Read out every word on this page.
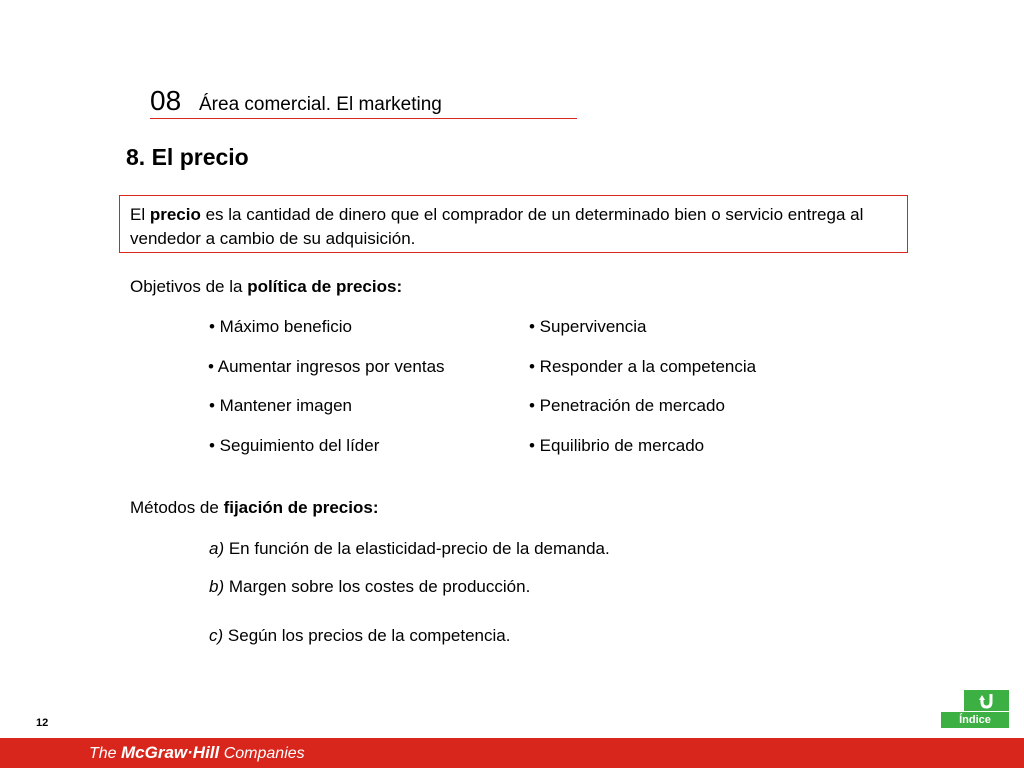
08 Área comercial. El marketing
8. El precio
El precio es la cantidad de dinero que el comprador de un determinado bien o servicio entrega al vendedor a cambio de su adquisición.
Objetivos de la política de precios:
• Máximo beneficio
• Aumentar ingresos por ventas
• Mantener imagen
• Seguimiento del líder
• Supervivencia
• Responder a la competencia
• Penetración de mercado
• Equilibrio de mercado
Métodos de fijación de precios:
a) En función de la elasticidad-precio de la demanda.
b) Margen sobre los costes de producción.
c) Según los precios de la competencia.
12	Índice
The McGraw·Hill Companies
